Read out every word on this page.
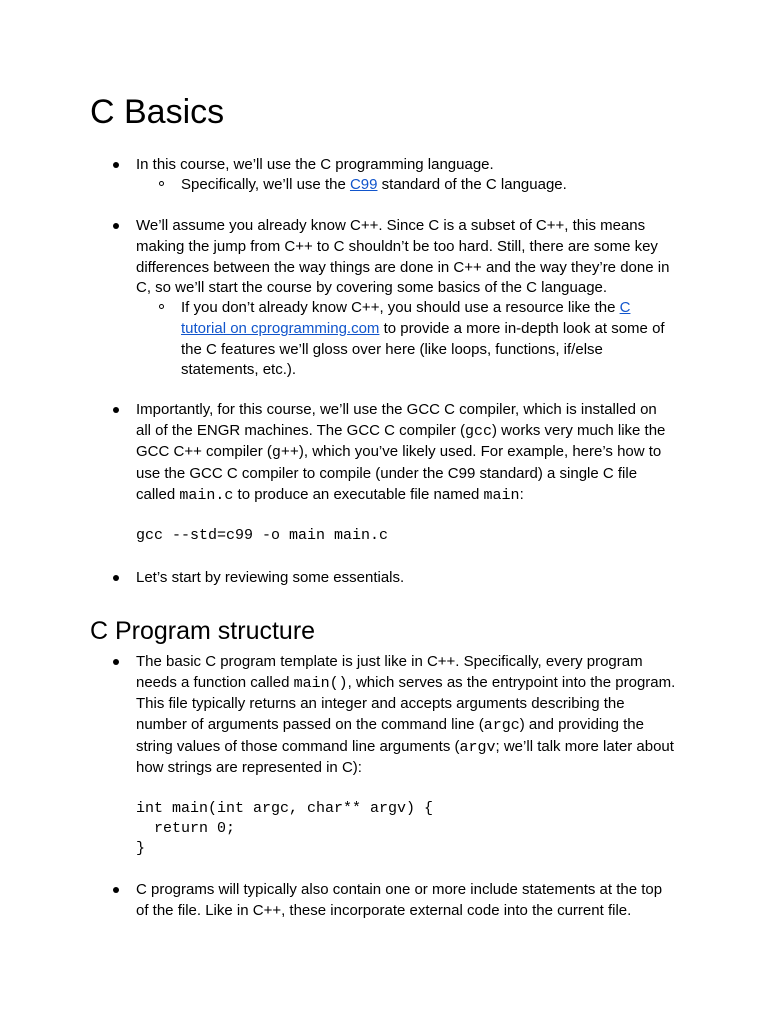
C Basics
In this course, we’ll use the C programming language.
Specifically, we’ll use the C99 standard of the C language.
We’ll assume you already know C++. Since C is a subset of C++, this means
making the jump from C++ to C shouldn’t be too hard. Still, there are some key
differences between the way things are done in C++ and the way they’re done in
C, so we’ll start the course by covering some basics of the C language.
If you don’t already know C++, you should use a resource like the C
tutorial on cprogramming.com to provide a more in-depth look at some of
the C features we’ll gloss over here (like loops, functions, if/else
statements, etc.).
Importantly, for this course, we’ll use the GCC C compiler, which is installed on
all of the ENGR machines. The GCC C compiler (gcc) works very much like the
GCC C++ compiler (g++), which you’ve likely used. For example, here’s how to
use the GCC C compiler to compile (under the C99 standard) a single C file
called main.c to produce an executable file named main:
gcc --std=c99 -o main main.c
Let’s start by reviewing some essentials.
C Program structure
The basic C program template is just like in C++. Specifically, every program
needs a function called main(), which serves as the entrypoint into the program.
This file typically returns an integer and accepts arguments describing the
number of arguments passed on the command line (argc) and providing the
string values of those command line arguments (argv; we’ll talk more later about
how strings are represented in C):
int main(int argc, char** argv) {
return 0;
}
C programs will typically also contain one or more include statements at the top
of the file. Like in C++, these incorporate external code into the current file.
